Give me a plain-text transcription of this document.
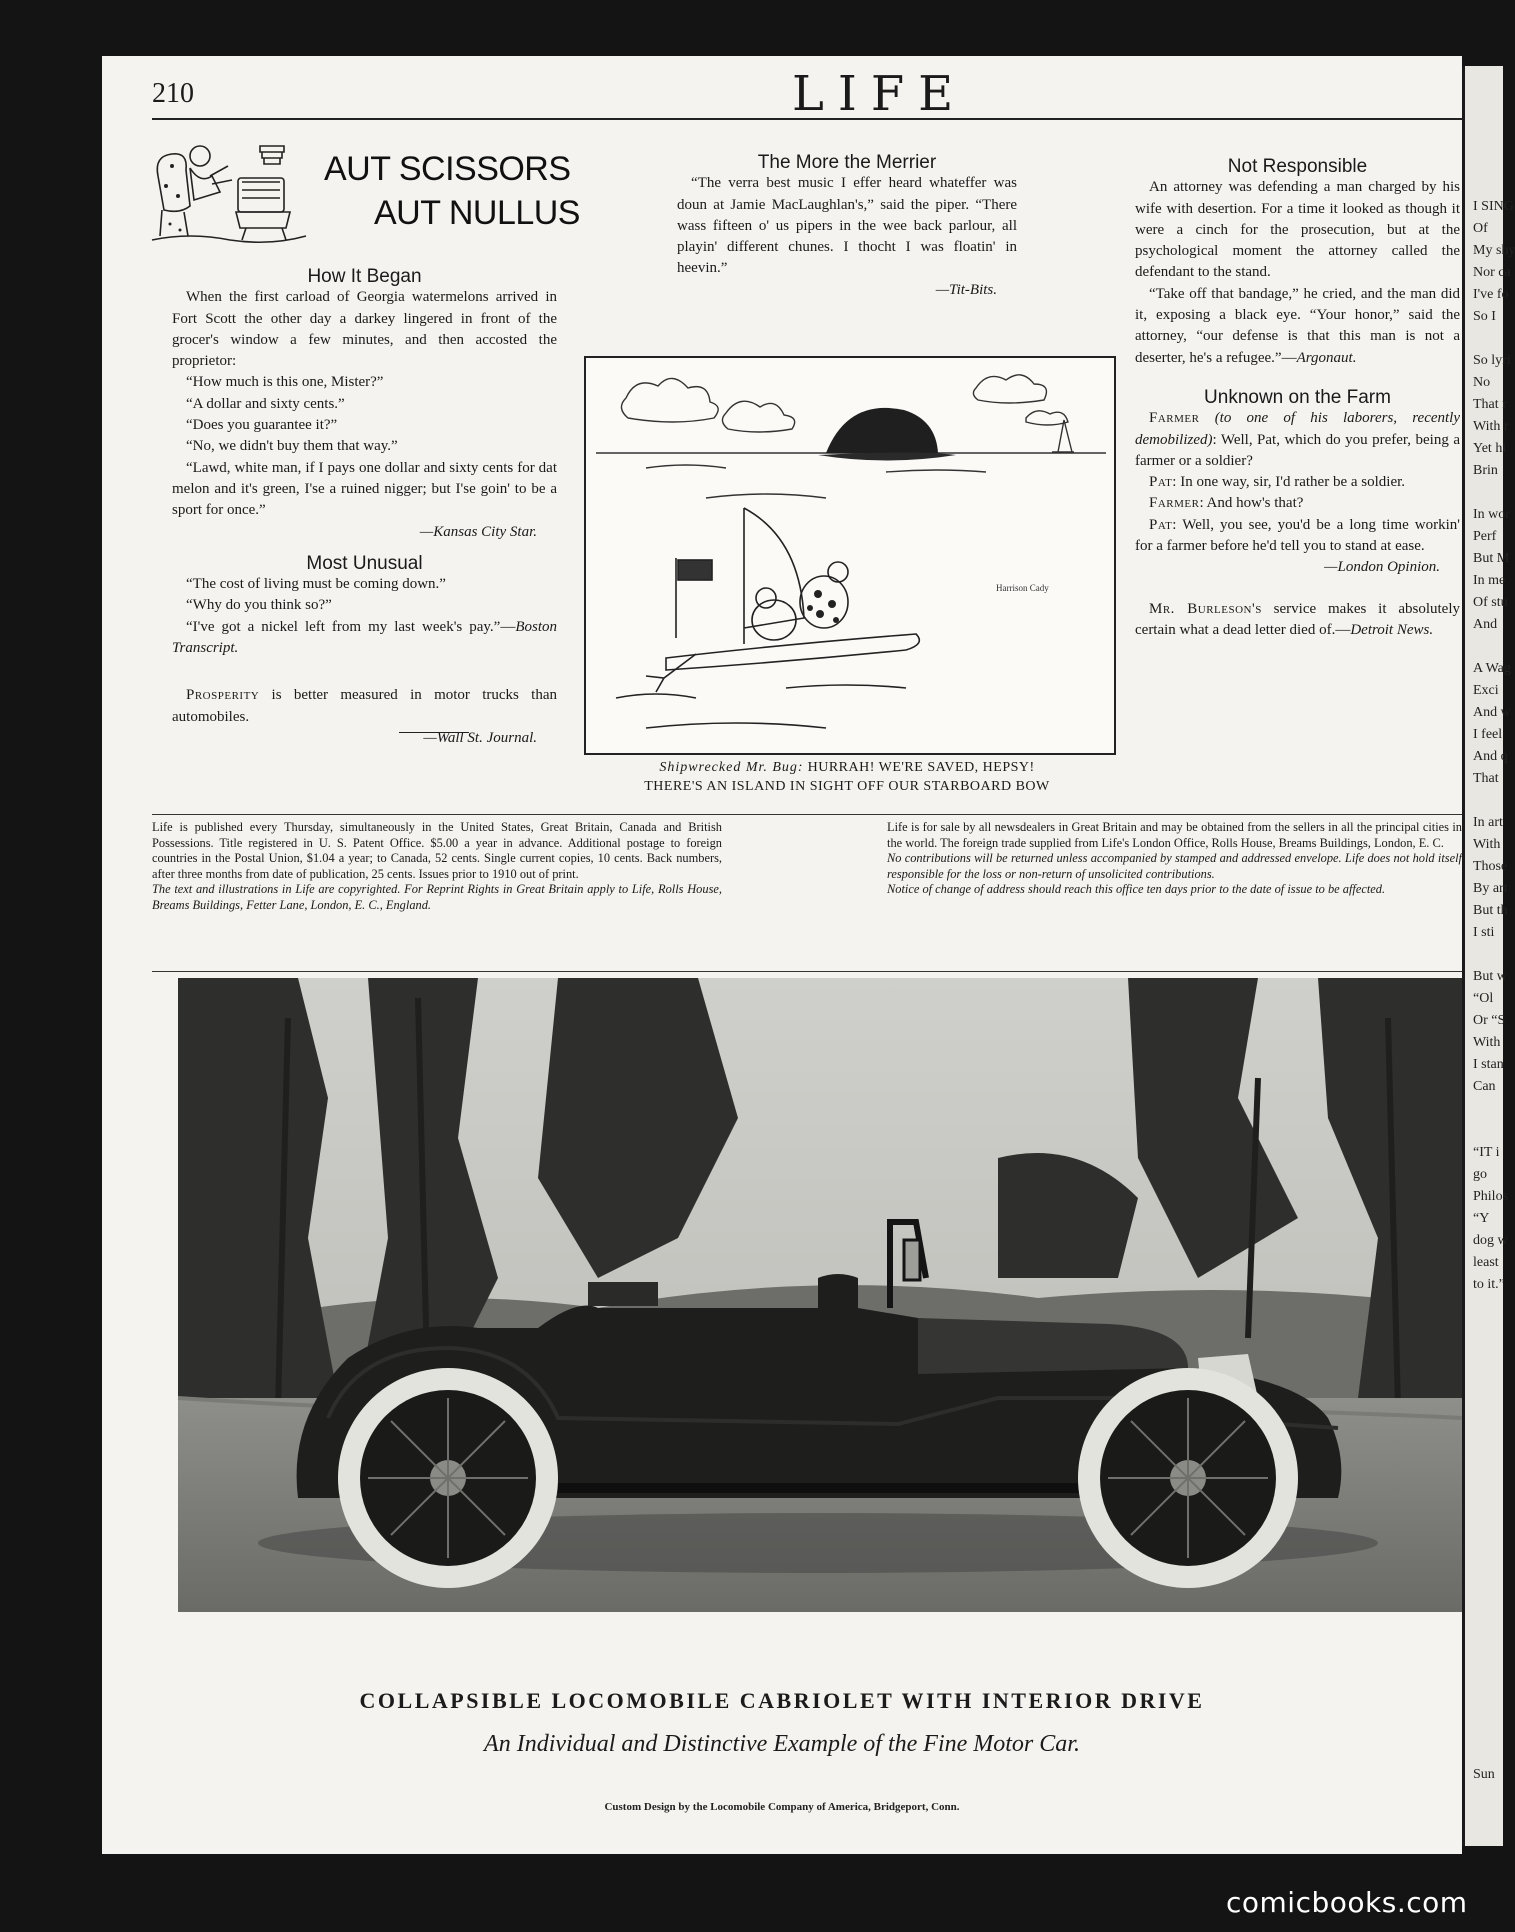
210	LIFE
AUT SCISSORS
AUT NULLUS

How It Began

When the first carload of Georgia watermelons arrived in Fort Scott the other day a darkey lingered in front of the grocer's window a few minutes, and then accosted the proprietor:

“How much is this one, Mister?”

“A dollar and sixty cents.”

“Does you guarantee it?”

“No, we didn't buy them that way.”

“Lawd, white man, if I pays one dollar and sixty cents for dat melon and it's green, I'se a ruined nigger; but I'se goin' to be a sport for once.”

—Kansas City Star.

Most Unusual

“The cost of living must be coming down.”

“Why do you think so?”

“I've got a nickel left from my last week's pay.”—Boston Transcript.

Prosperity is better measured in motor trucks than automobiles.

—Wall St. Journal.

The More the Merrier

“The verra best music I effer heard whateffer was doun at Jamie MacLaughlan's,” said the piper. “There wass fifteen o' us pipers in the wee back parlour, all playin' different chunes. I thocht I was floatin' in heevin.”

—Tit-Bits.

Harrison Cady
Shipwrecked Mr. Bug: HURRAH! WE'RE SAVED, HEPSY!
THERE'S AN ISLAND IN SIGHT OFF OUR STARBOARD BOW

Not Responsible

An attorney was defending a man charged by his wife with desertion. For a time it looked as though it were a cinch for the prosecution, but at the psychological moment the attorney called the defendant to the stand.

“Take off that bandage,” he cried, and the man did it, exposing a black eye. “Your honor,” said the attorney, “our defense is that this man is not a deserter, he's a refugee.”—Argonaut.

Unknown on the Farm

Farmer (to one of his laborers, recently demobilized): Well, Pat, which do you prefer, being a farmer or a soldier?

Pat: In one way, sir, I'd rather be a soldier.

Farmer: And how's that?

Pat: Well, you see, you'd be a long time workin' for a farmer before he'd tell you to stand at ease.

—London Opinion.

Mr. Burleson's service makes it absolutely certain what a dead letter died of.—Detroit News.

Life is published every Thursday, simultaneously in the United States, Great Britain, Canada and British Possessions. Title registered in U. S. Patent Office. $5.00 a year in advance. Additional postage to foreign countries in the Postal Union, $1.04 a year; to Canada, 52 cents. Single current copies, 10 cents. Back numbers, after three months from date of publication, 25 cents. Issues prior to 1910 out of print.

The text and illustrations in Life are copyrighted. For Reprint Rights in Great Britain apply to Life, Rolls House, Breams Buildings, Fetter Lane, London, E. C., England.

Life is for sale by all newsdealers in Great Britain and may be obtained from the sellers in all the principal cities in the world. The foreign trade supplied from Life's London Office, Rolls House, Breams Buildings, London, E. C.

No contributions will be returned unless accompanied by stamped and addressed envelope. Life does not hold itself responsible for the loss or non-return of unsolicited contributions.

Notice of change of address should reach this office ten days prior to the date of issue to be affected.

COLLAPSIBLE LOCOMOBILE CABRIOLET WITH INTERIOR DRIVE
An Individual and Distinctive Example of the Fine Motor Car.
Custom Design by the Locomobile Company of America, Bridgeport, Conn.
I SING
Of
My shy
Nor ca
I've fo
So I
So lyri
No
That r
With r
Yet hi
Brin
In wor
Perf
But M
In me
Of stu
And
A Wag
Exci
And w
I feel
And q
That
In art
With
Those
By art
But th
I sti
But w
“Ol
Or “S
With
I stan
Can
“IT i
go
Philos
“Y
dog w
least
to it.”
Sun
comicbooks.com
